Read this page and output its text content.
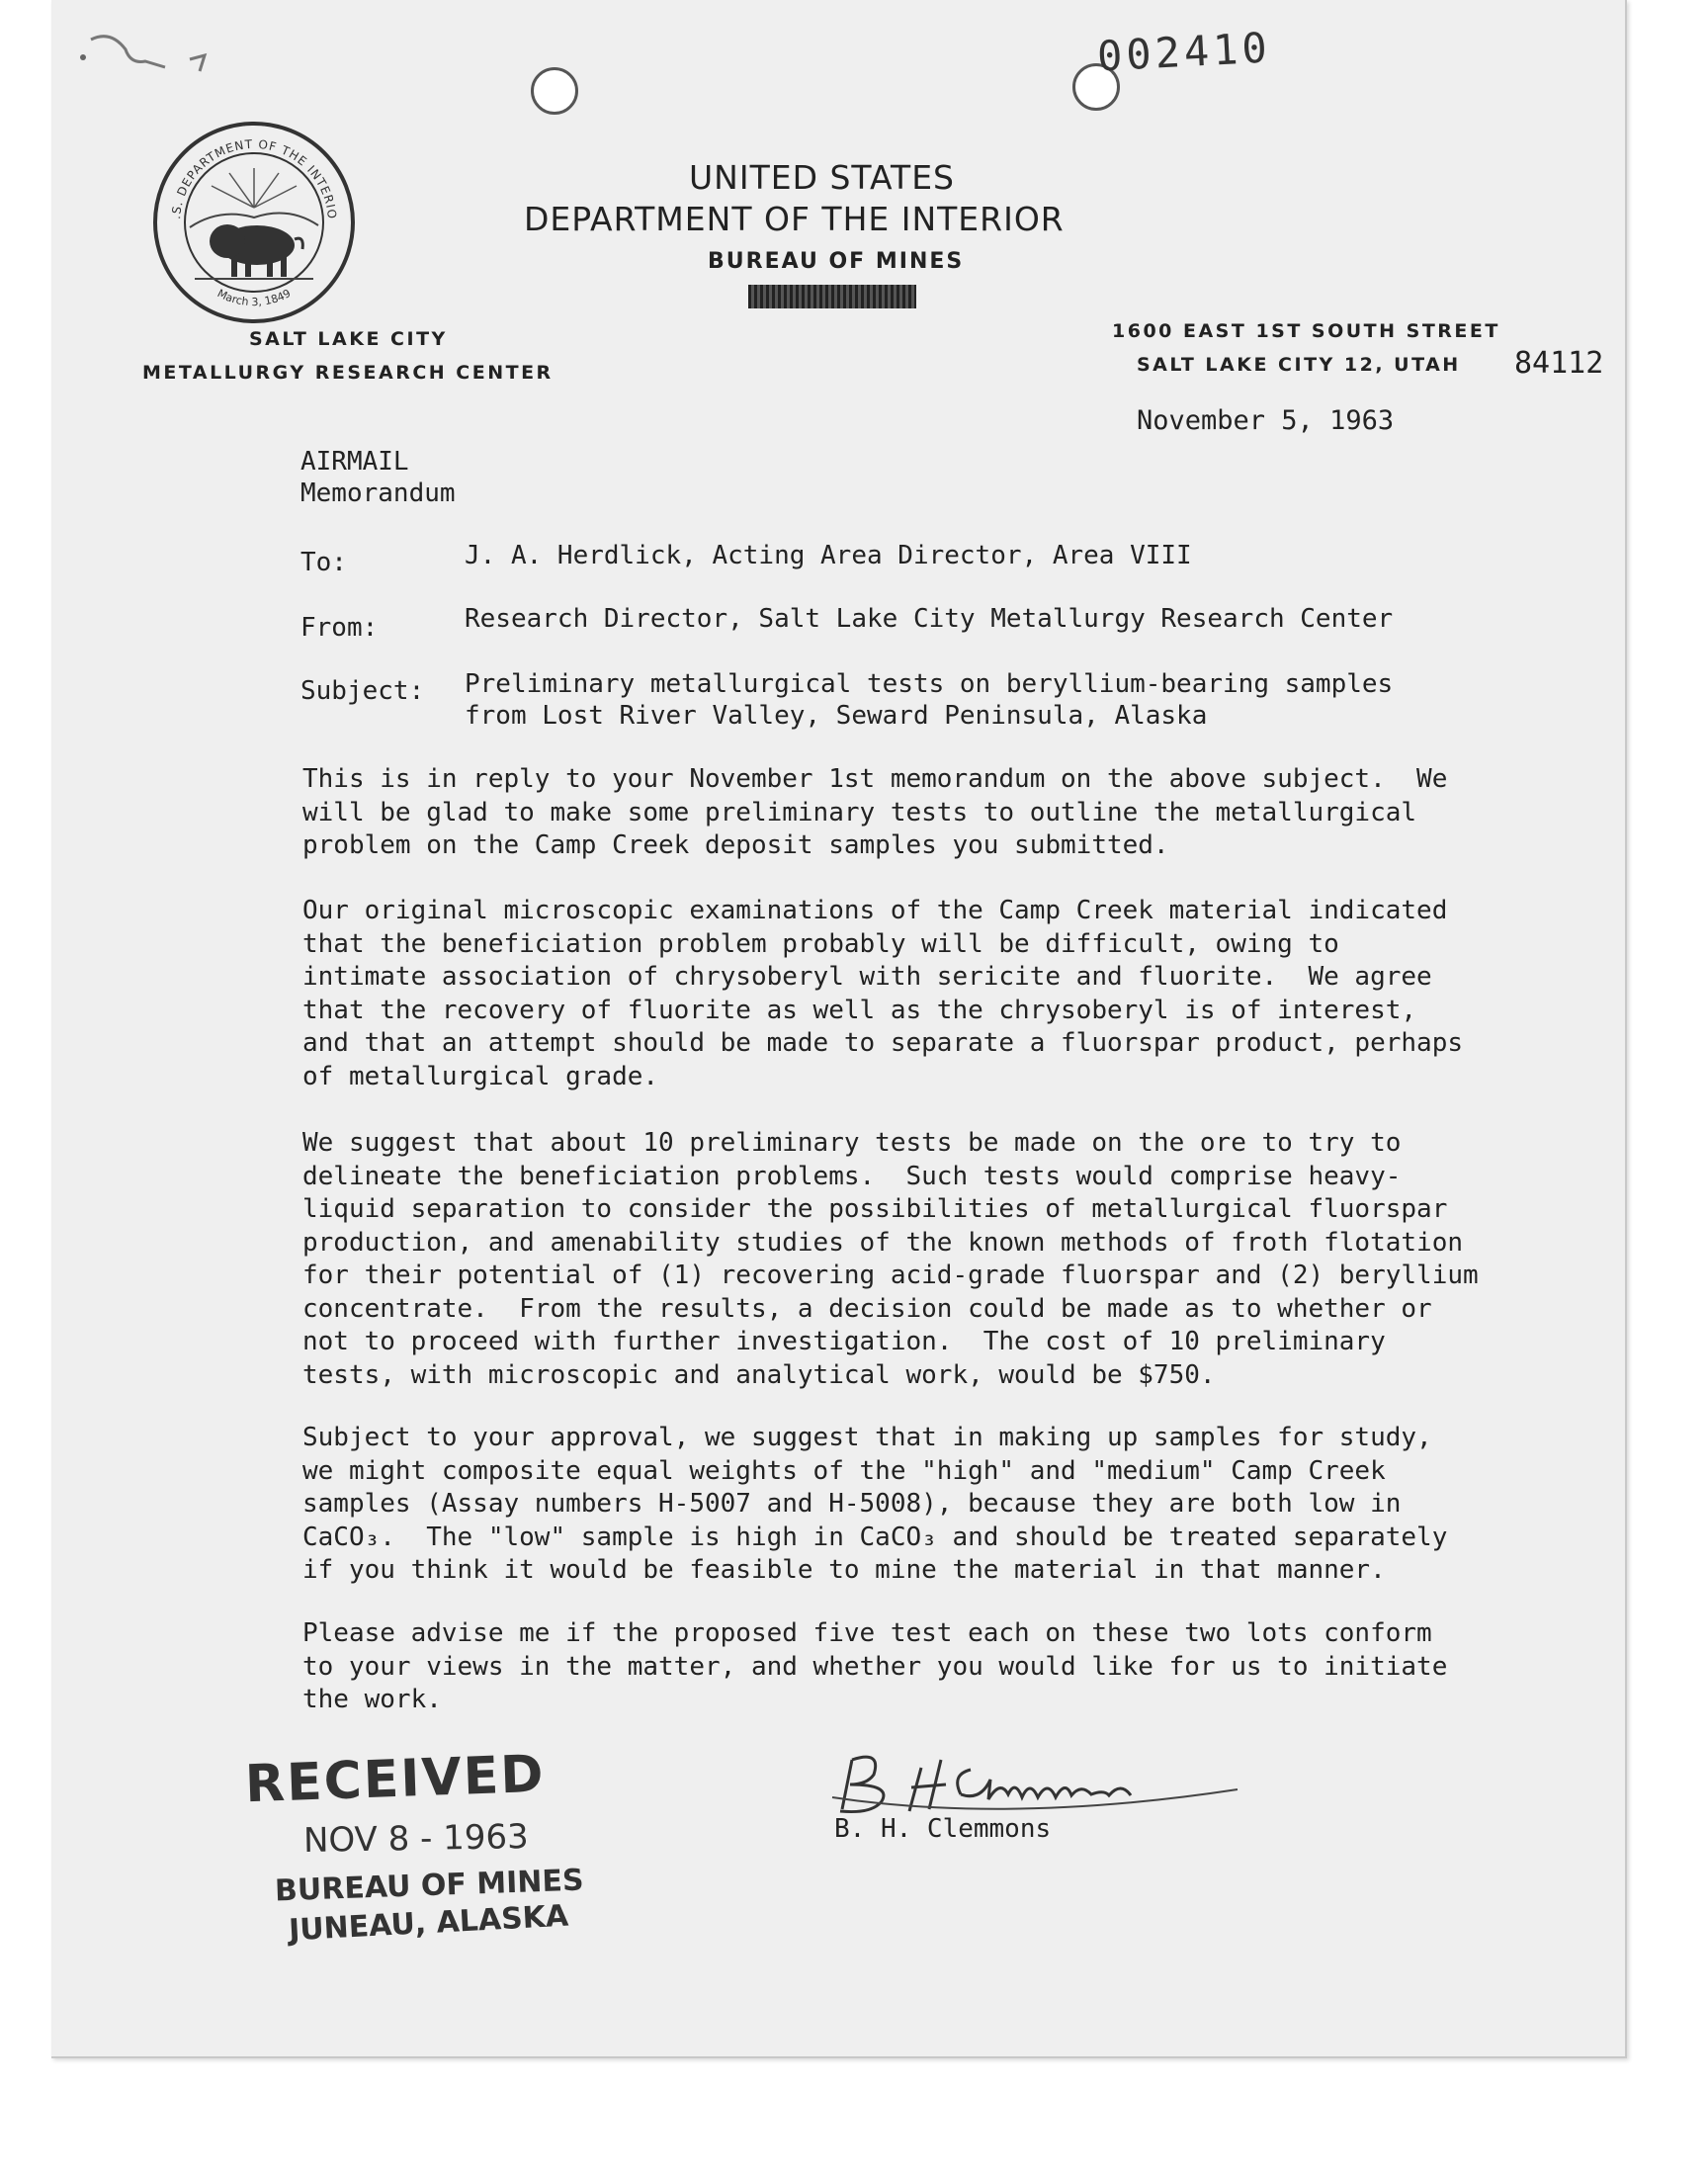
002410
.S. DEPARTMENT OF THE INTERIO
March 3, 1849
UNITED STATES
DEPARTMENT OF THE INTERIOR
BUREAU OF MINES
SALT LAKE CITY
METALLURGY RESEARCH CENTER
1600 EAST 1ST SOUTH STREET
SALT LAKE CITY 12, UTAH 84112
November 5, 1963
AIRMAIL
Memorandum
To:	J. A. Herdlick, Acting Area Director, Area VIII
From:	Research Director, Salt Lake City Metallurgy Research Center
Subject: Preliminary metallurgical tests on beryllium-bearing samples
from Lost River Valley, Seward Peninsula, Alaska
This is in reply to your November 1st memorandum on the above subject.  We
will be glad to make some preliminary tests to outline the metallurgical
problem on the Camp Creek deposit samples you submitted.
Our original microscopic examinations of the Camp Creek material indicated
that the beneficiation problem probably will be difficult, owing to
intimate association of chrysoberyl with sericite and fluorite.  We agree
that the recovery of fluorite as well as the chrysoberyl is of interest,
and that an attempt should be made to separate a fluorspar product, perhaps
of metallurgical grade.
We suggest that about 10 preliminary tests be made on the ore to try to
delineate the beneficiation problems.  Such tests would comprise heavy-
liquid separation to consider the possibilities of metallurgical fluorspar
production, and amenability studies of the known methods of froth flotation
for their potential of (1) recovering acid-grade fluorspar and (2) beryllium
concentrate.  From the results, a decision could be made as to whether or
not to proceed with further investigation.  The cost of 10 preliminary
tests, with microscopic and analytical work, would be $750.
Subject to your approval, we suggest that in making up samples for study,
we might composite equal weights of the "high" and "medium" Camp Creek
samples (Assay numbers H-5007 and H-5008), because they are both low in
CaCO₃.  The "low" sample is high in CaCO₃ and should be treated separately
if you think it would be feasible to mine the material in that manner.
Please advise me if the proposed five test each on these two lots conform
to your views in the matter, and whether you would like for us to initiate
the work.
B. H. Clemmons
RECEIVED
NOV 8 - 1963
BUREAU OF MINES
JUNEAU, ALASKA
